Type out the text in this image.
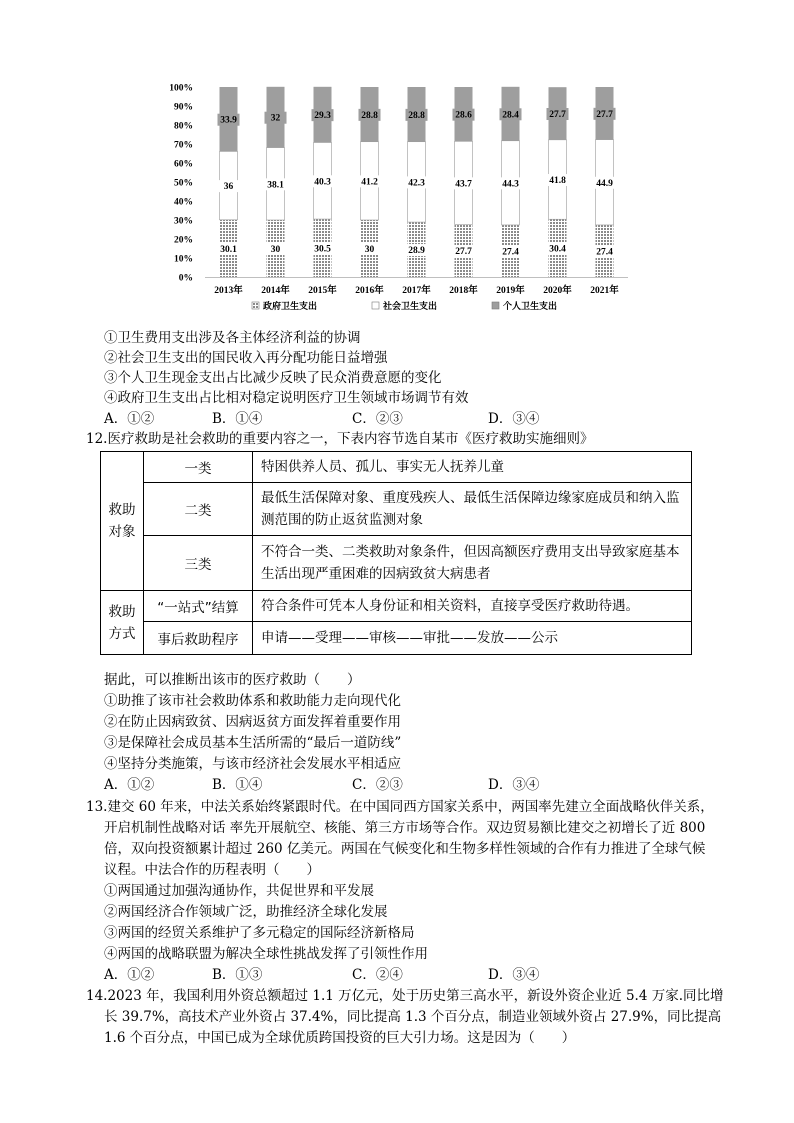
0%
10%
20%
30%
40%
50%
60%
70%
80%
90%
100%
2013年 2014年 2015年 2016年 2017年 2018年 2019年 2020年 2021年
30.1
36
33.9
30
38.1
32
30.5
40.3
29.3
30
41.2
28.8
28.9
42.3
28.8
27.7
43.7
28.6
27.4
44.3
28.4
30.4
41.8
27.7
27.4
44.9
27.7
政府卫生支出	社会卫生支出	个人卫生支出
①卫生费用支出涉及各主体经济利益的协调
②社会卫生支出的国民收入再分配功能日益增强
③个人卫生现金支出占比减少反映了民众消费意愿的变化
④政府卫生支出占比相对稳定说明医疗卫生领域市场调节有效
A．①②	B．①④	C．②③	D．③④
12.医疗救助是社会救助的重要内容之一，下表内容节选自某市《医疗救助实施细则》
救助
对象	一类	特困供养人员、孤儿、事实无人抚养儿童
	二类	最低生活保障对象、重度残疾人、最低生活保障边缘家庭成员和纳入监测范围的防止返贫监测对象
	三类	不符合一类、二类救助对象条件，但因高额医疗费用支出导致家庭基本生活出现严重困难的因病致贫大病患者
救助
方式	“一站式”结算	符合条件可凭本人身份证和相关资料，直接享受医疗救助待遇。
	事后救助程序	申请——受理——审核——审批——发放——公示
据此，可以推断出该市的医疗救助（　　）
①助推了该市社会救助体系和救助能力走向现代化
②在防止因病致贫、因病返贫方面发挥着重要作用
③是保障社会成员基本生活所需的“最后一道防线”
④坚持分类施策，与该市经济社会发展水平相适应
A．①②	B．①④	C．②③	D．③④
13.建交 60 年来，中法关系始终紧跟时代。在中国同西方国家关系中，两国率先建立全面战略伙伴关系，
开启机制性战略对话 率先开展航空、核能、第三方市场等合作。双边贸易额比建交之初增长了近 800
倍，双向投资额累计超过 260 亿美元。两国在气候变化和生物多样性领域的合作有力推进了全球气候
议程。中法合作的历程表明（　　）
①两国通过加强沟通协作，共促世界和平发展
②两国经济合作领域广泛，助推经济全球化发展
③两国的经贸关系维护了多元稳定的国际经济新格局
④两国的战略联盟为解决全球性挑战发挥了引领性作用
A．①②	B．①③	C．②④	D．③④
14.2023 年，我国利用外资总额超过 1.1 万亿元，处于历史第三高水平，新设外资企业近 5.4 万家.同比增
长 39.7%，高技术产业外资占 37.4%，同比提高 1.3 个百分点，制造业领域外资占 27.9%，同比提高
1.6 个百分点，中国已成为全球优质跨国投资的巨大引力场。这是因为（　　）
